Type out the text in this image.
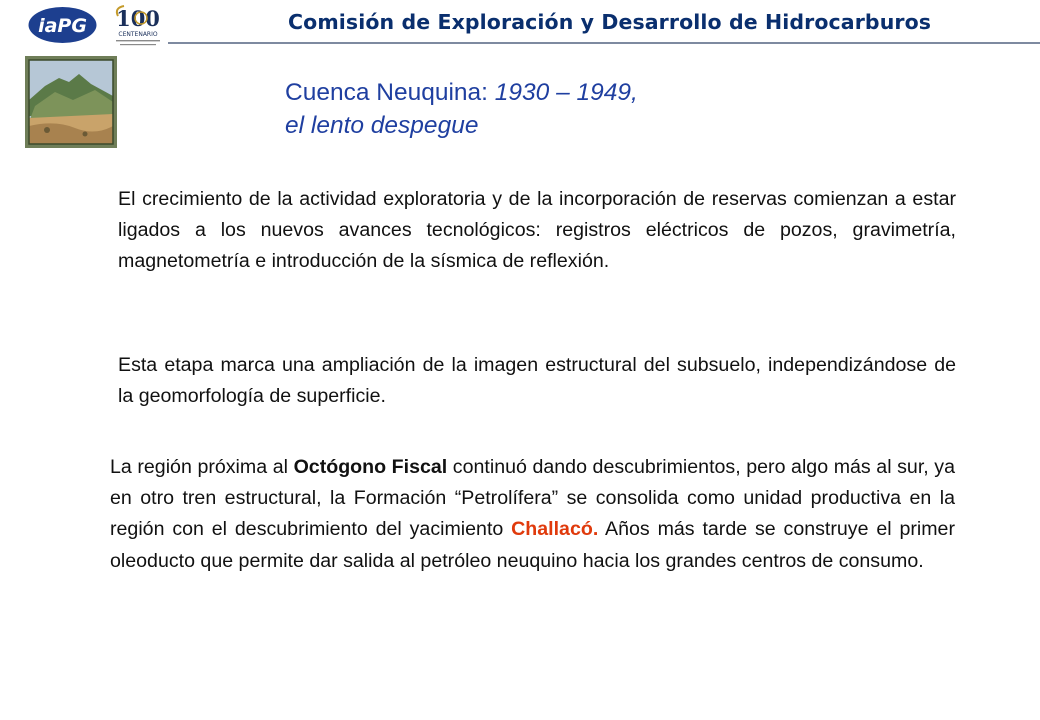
iaPG 100
CENTENARIO
Comisión de Exploración y Desarrollo de Hidrocarburos
Cuenca Neuquina: 1930 – 1949,
el lento despegue
El crecimiento de la actividad exploratoria y de la incorporación de reservas comienzan a estar ligados a los nuevos avances tecnológicos: registros eléctricos de pozos, gravimetría, magnetometría e introducción de la sísmica de reflexión.
Esta etapa marca una ampliación de la imagen estructural del subsuelo, independizándose de la geomorfología de superficie.
La región próxima al Octógono Fiscal continuó dando descubrimientos, pero algo más al sur, ya en otro tren estructural, la Formación “Petrolífera” se consolida como unidad productiva en la región con el descubrimiento del yacimiento Challacó. Años más tarde se construye el primer oleoducto que permite dar salida al petróleo neuquino hacia los grandes centros de consumo.
